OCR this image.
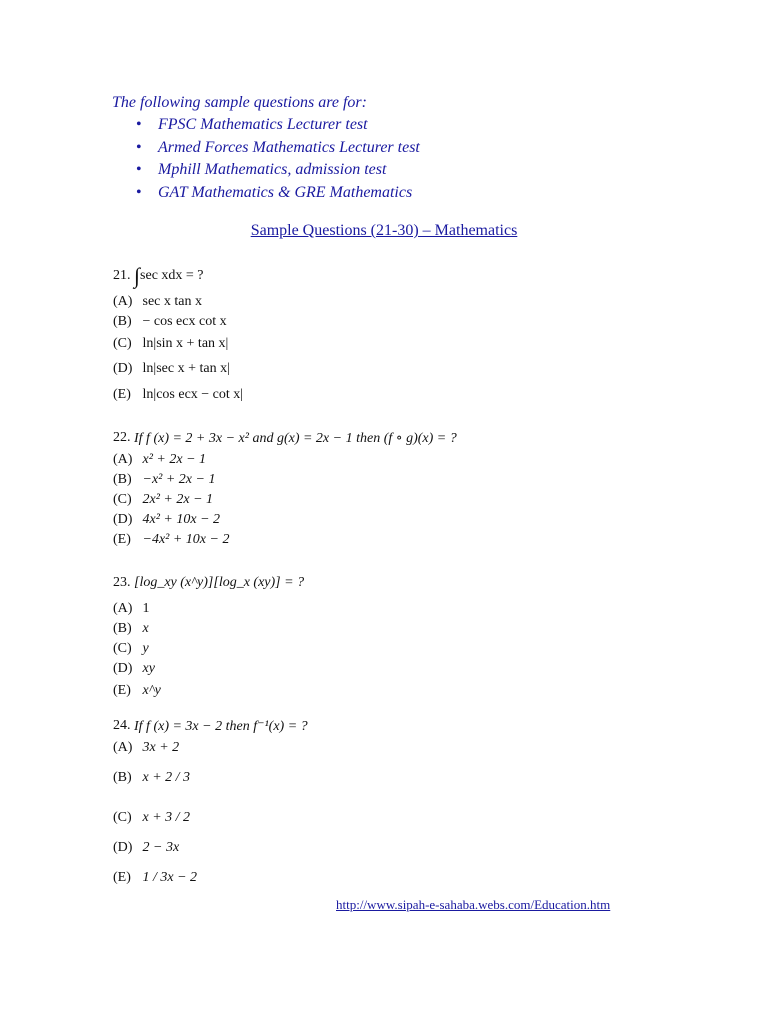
The following sample questions are for:

• FPSC Mathematics Lecturer test
• Armed Forces Mathematics Lecturer test
• Mphill Mathematics, admission test
• GAT Mathematics & GRE Mathematics
Sample Questions (21-30) – Mathematics
21.
∫ sec xdx = ?
(A)
sec x tan x
(B)
− cos ecx cot x
(C)
ln|sin x + tan x|
(D)
ln|sec x + tan x|
(E)
ln|cos ecx − cot x|
22.
If f (x) = 2 + 3x − x² and g(x) = 2x − 1 then (f ∘ g)(x) = ?
(A)
x² + 2x − 1
(B)
−x² + 2x − 1
(C)
2x² + 2x − 1
(D)
4x² + 10x − 2
(E)
−4x² + 10x − 2
23.
[log_xy (x^y)][log_x (xy)] = ?
(A)
1
(B)
x
(C)
y
(D)
xy
(E)
x^y
24.
If f (x) = 3x − 2 then f⁻¹(x) = ?
(A)
3x + 2
(B)
x + 2 / 3
(C)
x + 3 / 2
(D)
2 − 3x
(E)
1 / 3x − 2
http://www.sipah-e-sahaba.webs.com/Education.htm
